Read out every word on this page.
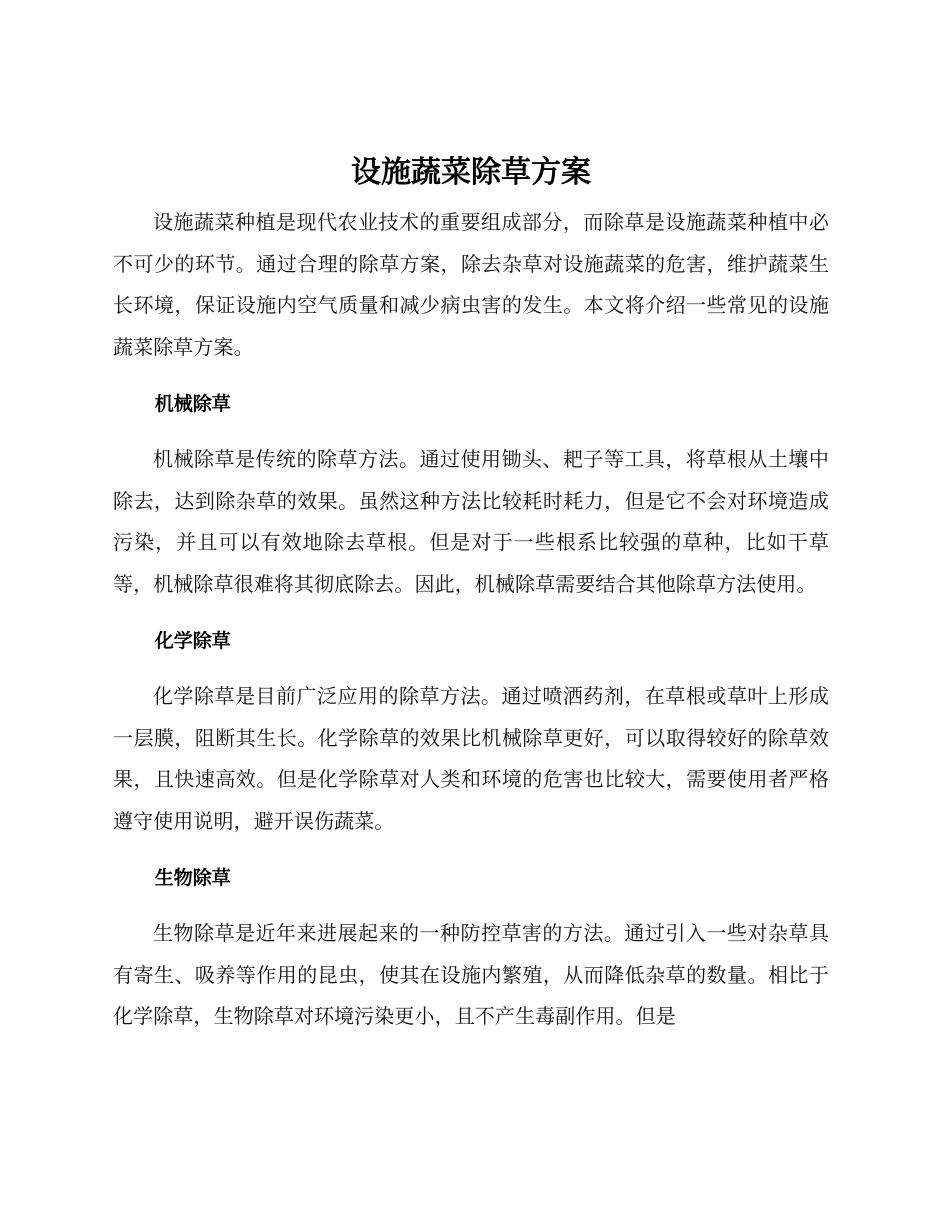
设施蔬菜除草方案

设施蔬菜种植是现代农业技术的重要组成部分，而除草是设施蔬菜种植中必不可少的环节。通过合理的除草方案，除去杂草对设施蔬菜的危害，维护蔬菜生长环境，保证设施内空气质量和减少病虫害的发生。本文将介绍一些常见的设施蔬菜除草方案。

机械除草

机械除草是传统的除草方法。通过使用锄头、耙子等工具，将草根从土壤中除去，达到除杂草的效果。虽然这种方法比较耗时耗力，但是它不会对环境造成污染，并且可以有效地除去草根。但是对于一些根系比较强的草种，比如干草等，机械除草很难将其彻底除去。因此，机械除草需要结合其他除草方法使用。

化学除草

化学除草是目前广泛应用的除草方法。通过喷洒药剂，在草根或草叶上形成一层膜，阻断其生长。化学除草的效果比机械除草更好，可以取得较好的除草效果，且快速高效。但是化学除草对人类和环境的危害也比较大，需要使用者严格遵守使用说明，避开误伤蔬菜。

生物除草

生物除草是近年来进展起来的一种防控草害的方法。通过引入一些对杂草具有寄生、吸养等作用的昆虫，使其在设施内繁殖，从而降低杂草的数量。相比于化学除草，生物除草对环境污染更小，且不产生毒副作用。但是
